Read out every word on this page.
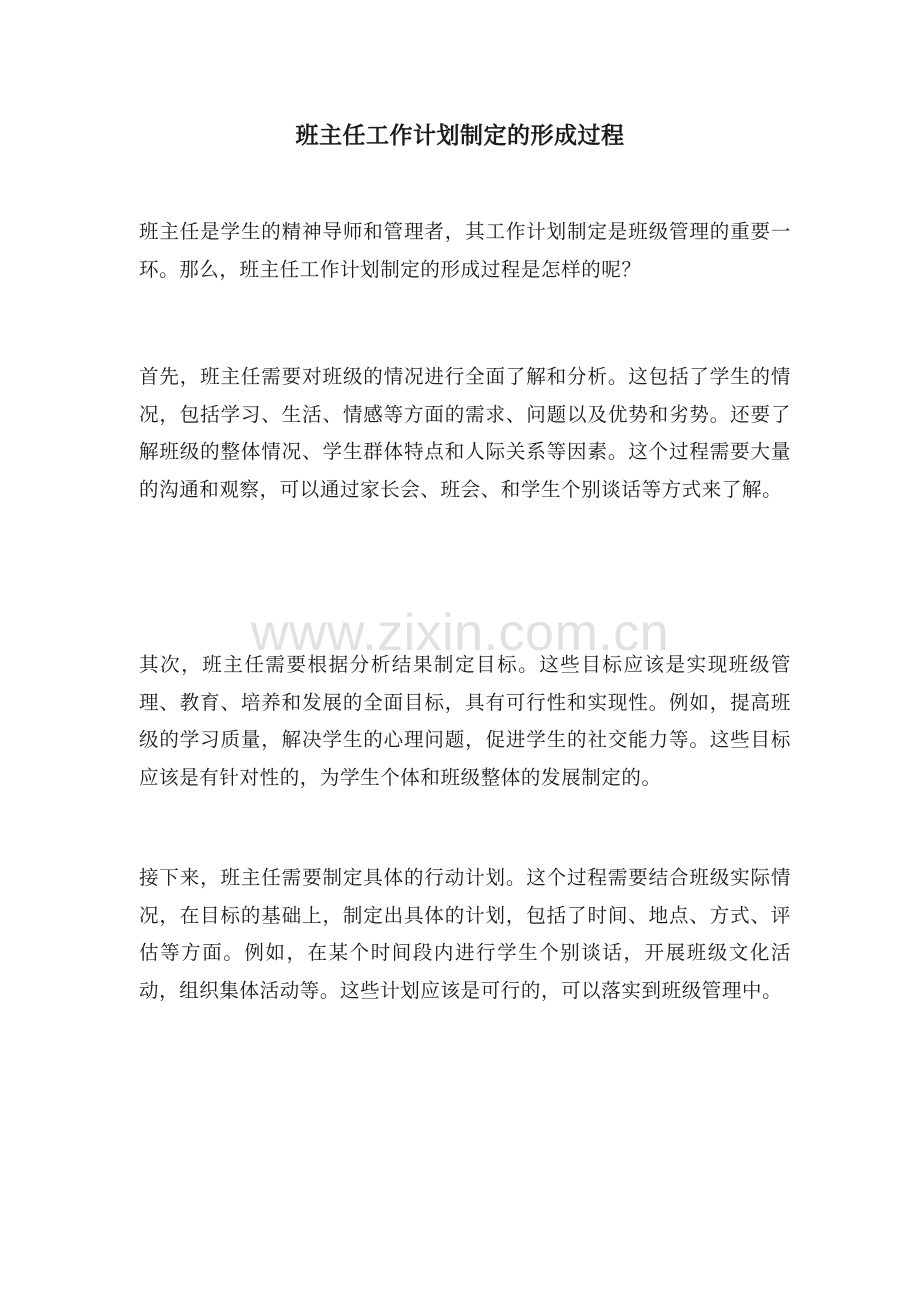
班主任工作计划制定的形成过程

班主任是学生的精神导师和管理者，其工作计划制定是班级管理的重要一环。那么，班主任工作计划制定的形成过程是怎样的呢？

首先，班主任需要对班级的情况进行全面了解和分析。这包括了学生的情况，包括学习、生活、情感等方面的需求、问题以及优势和劣势。还要了解班级的整体情况、学生群体特点和人际关系等因素。这个过程需要大量的沟通和观察，可以通过家长会、班会、和学生个别谈话等方式来了解。

其次，班主任需要根据分析结果制定目标。这些目标应该是实现班级管理、教育、培养和发展的全面目标，具有可行性和实现性。例如，提高班级的学习质量，解决学生的心理问题，促进学生的社交能力等。这些目标应该是有针对性的，为学生个体和班级整体的发展制定的。

接下来，班主任需要制定具体的行动计划。这个过程需要结合班级实际情况，在目标的基础上，制定出具体的计划，包括了时间、地点、方式、评估等方面。例如，在某个时间段内进行学生个别谈话，开展班级文化活动，组织集体活动等。这些计划应该是可行的，可以落实到班级管理中。

www.zixin.com.cn
